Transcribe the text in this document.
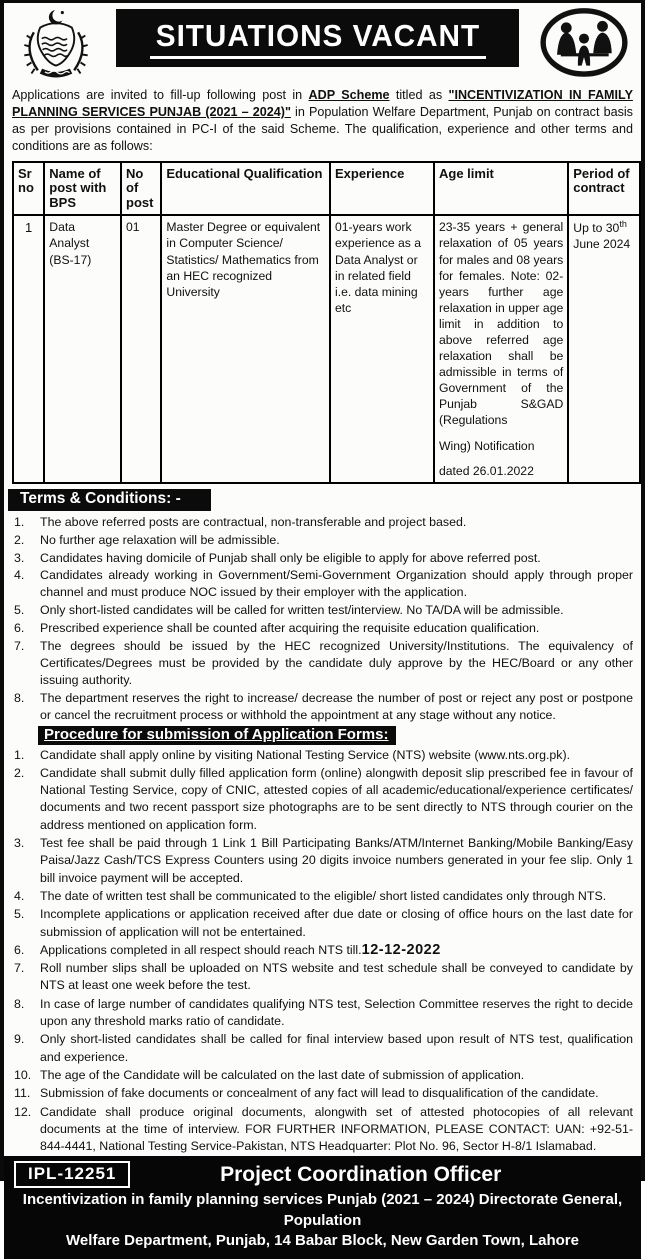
SITUATIONS VACANT
Applications are invited to fill-up following post in ADP Scheme titled as "INCENTIVIZATION IN FAMILY PLANNING SERVICES PUNJAB (2021 – 2024)" in Population Welfare Department, Punjab on contract basis as per provisions contained in PC-I of the said Scheme. The qualification, experience and other terms and conditions are as follows:
Sr no	Name of post with BPS	No of post	Educational Qualification	Experience	Age limit	Period of contract
1	Data Analyst (BS-17)	01	Master Degree or equivalent in Computer Science/ Statistics/ Mathematics from an HEC recognized University	01-years work experience as a Data Analyst or in related field i.e. data mining etc	23-35 years + general relaxation of 05 years for males and 08 years for females. Note: 02-years further age relaxation in upper age limit in addition to above referred age relaxation shall be admissible in terms of Government of the Punjab S&GAD (Regulations

Wing) Notification

dated 26.01.2022	Up to 30th June 2024
Terms & Conditions: -
1.	The above referred posts are contractual, non-transferable and project based.
2.	No further age relaxation will be admissible.
3.	Candidates having domicile of Punjab shall only be eligible to apply for above referred post.
4.	Candidates already working in Government/Semi-Government Organization should apply through proper channel and must produce NOC issued by their employer with the application.
5.	Only short-listed candidates will be called for written test/interview. No TA/DA will be admissible.
6.	Prescribed experience shall be counted after acquiring the requisite education qualification.
7.	The degrees should be issued by the HEC recognized University/Institutions. The equivalency of Certificates/Degrees must be provided by the candidate duly approve by the HEC/Board or any other issuing authority.
8.	The department reserves the right to increase/ decrease the number of post or reject any post or postpone or cancel the recruitment process or withhold the appointment at any stage without any notice.
Procedure for submission of Application Forms:
1.	Candidate shall apply online by visiting National Testing Service (NTS) website (www.nts.org.pk).
2.	Candidate shall submit dully filled application form (online) alongwith deposit slip prescribed fee in favour of National Testing Service, copy of CNIC, attested copies of all academic/educational/experience certificates/ documents and two recent passport size photographs are to be sent directly to NTS through courier on the address mentioned on application form.
3.	Test fee shall be paid through 1 Link 1 Bill Participating Banks/ATM/Internet Banking/Mobile Banking/Easy Paisa/Jazz Cash/TCS Express Counters using 20 digits invoice numbers generated in your fee slip. Only 1 bill invoice payment will be accepted.
4.	The date of written test shall be communicated to the eligible/ short listed candidates only through NTS.
5.	Incomplete applications or application received after due date or closing of office hours on the last date for submission of application will not be entertained.
6.	Applications completed in all respect should reach NTS till.12-12-2022
7.	Roll number slips shall be uploaded on NTS website and test schedule shall be conveyed to candidate by NTS at least one week before the test.
8.	In case of large number of candidates qualifying NTS test, Selection Committee reserves the right to decide upon any threshold marks ratio of candidate.
9.	Only short-listed candidates shall be called for final interview based upon result of NTS test, qualification and experience.
10. The age of the Candidate will be calculated on the last date of submission of application.
11. Submission of fake documents or concealment of any fact will lead to disqualification of the candidate.
12. Candidate shall produce original documents, alongwith set of attested photocopies of all relevant documents at the time of interview. FOR FURTHER INFORMATION, PLEASE CONTACT: UAN: +92-51-844-4441, National Testing Service-Pakistan, NTS Headquarter: Plot No. 96, Sector H-8/1 Islamabad.
IPL-12251	Project Coordination Officer
Incentivization in family planning services Punjab (2021 – 2024) Directorate General, Population
Welfare Department, Punjab, 14 Babar Block, New Garden Town, Lahore
